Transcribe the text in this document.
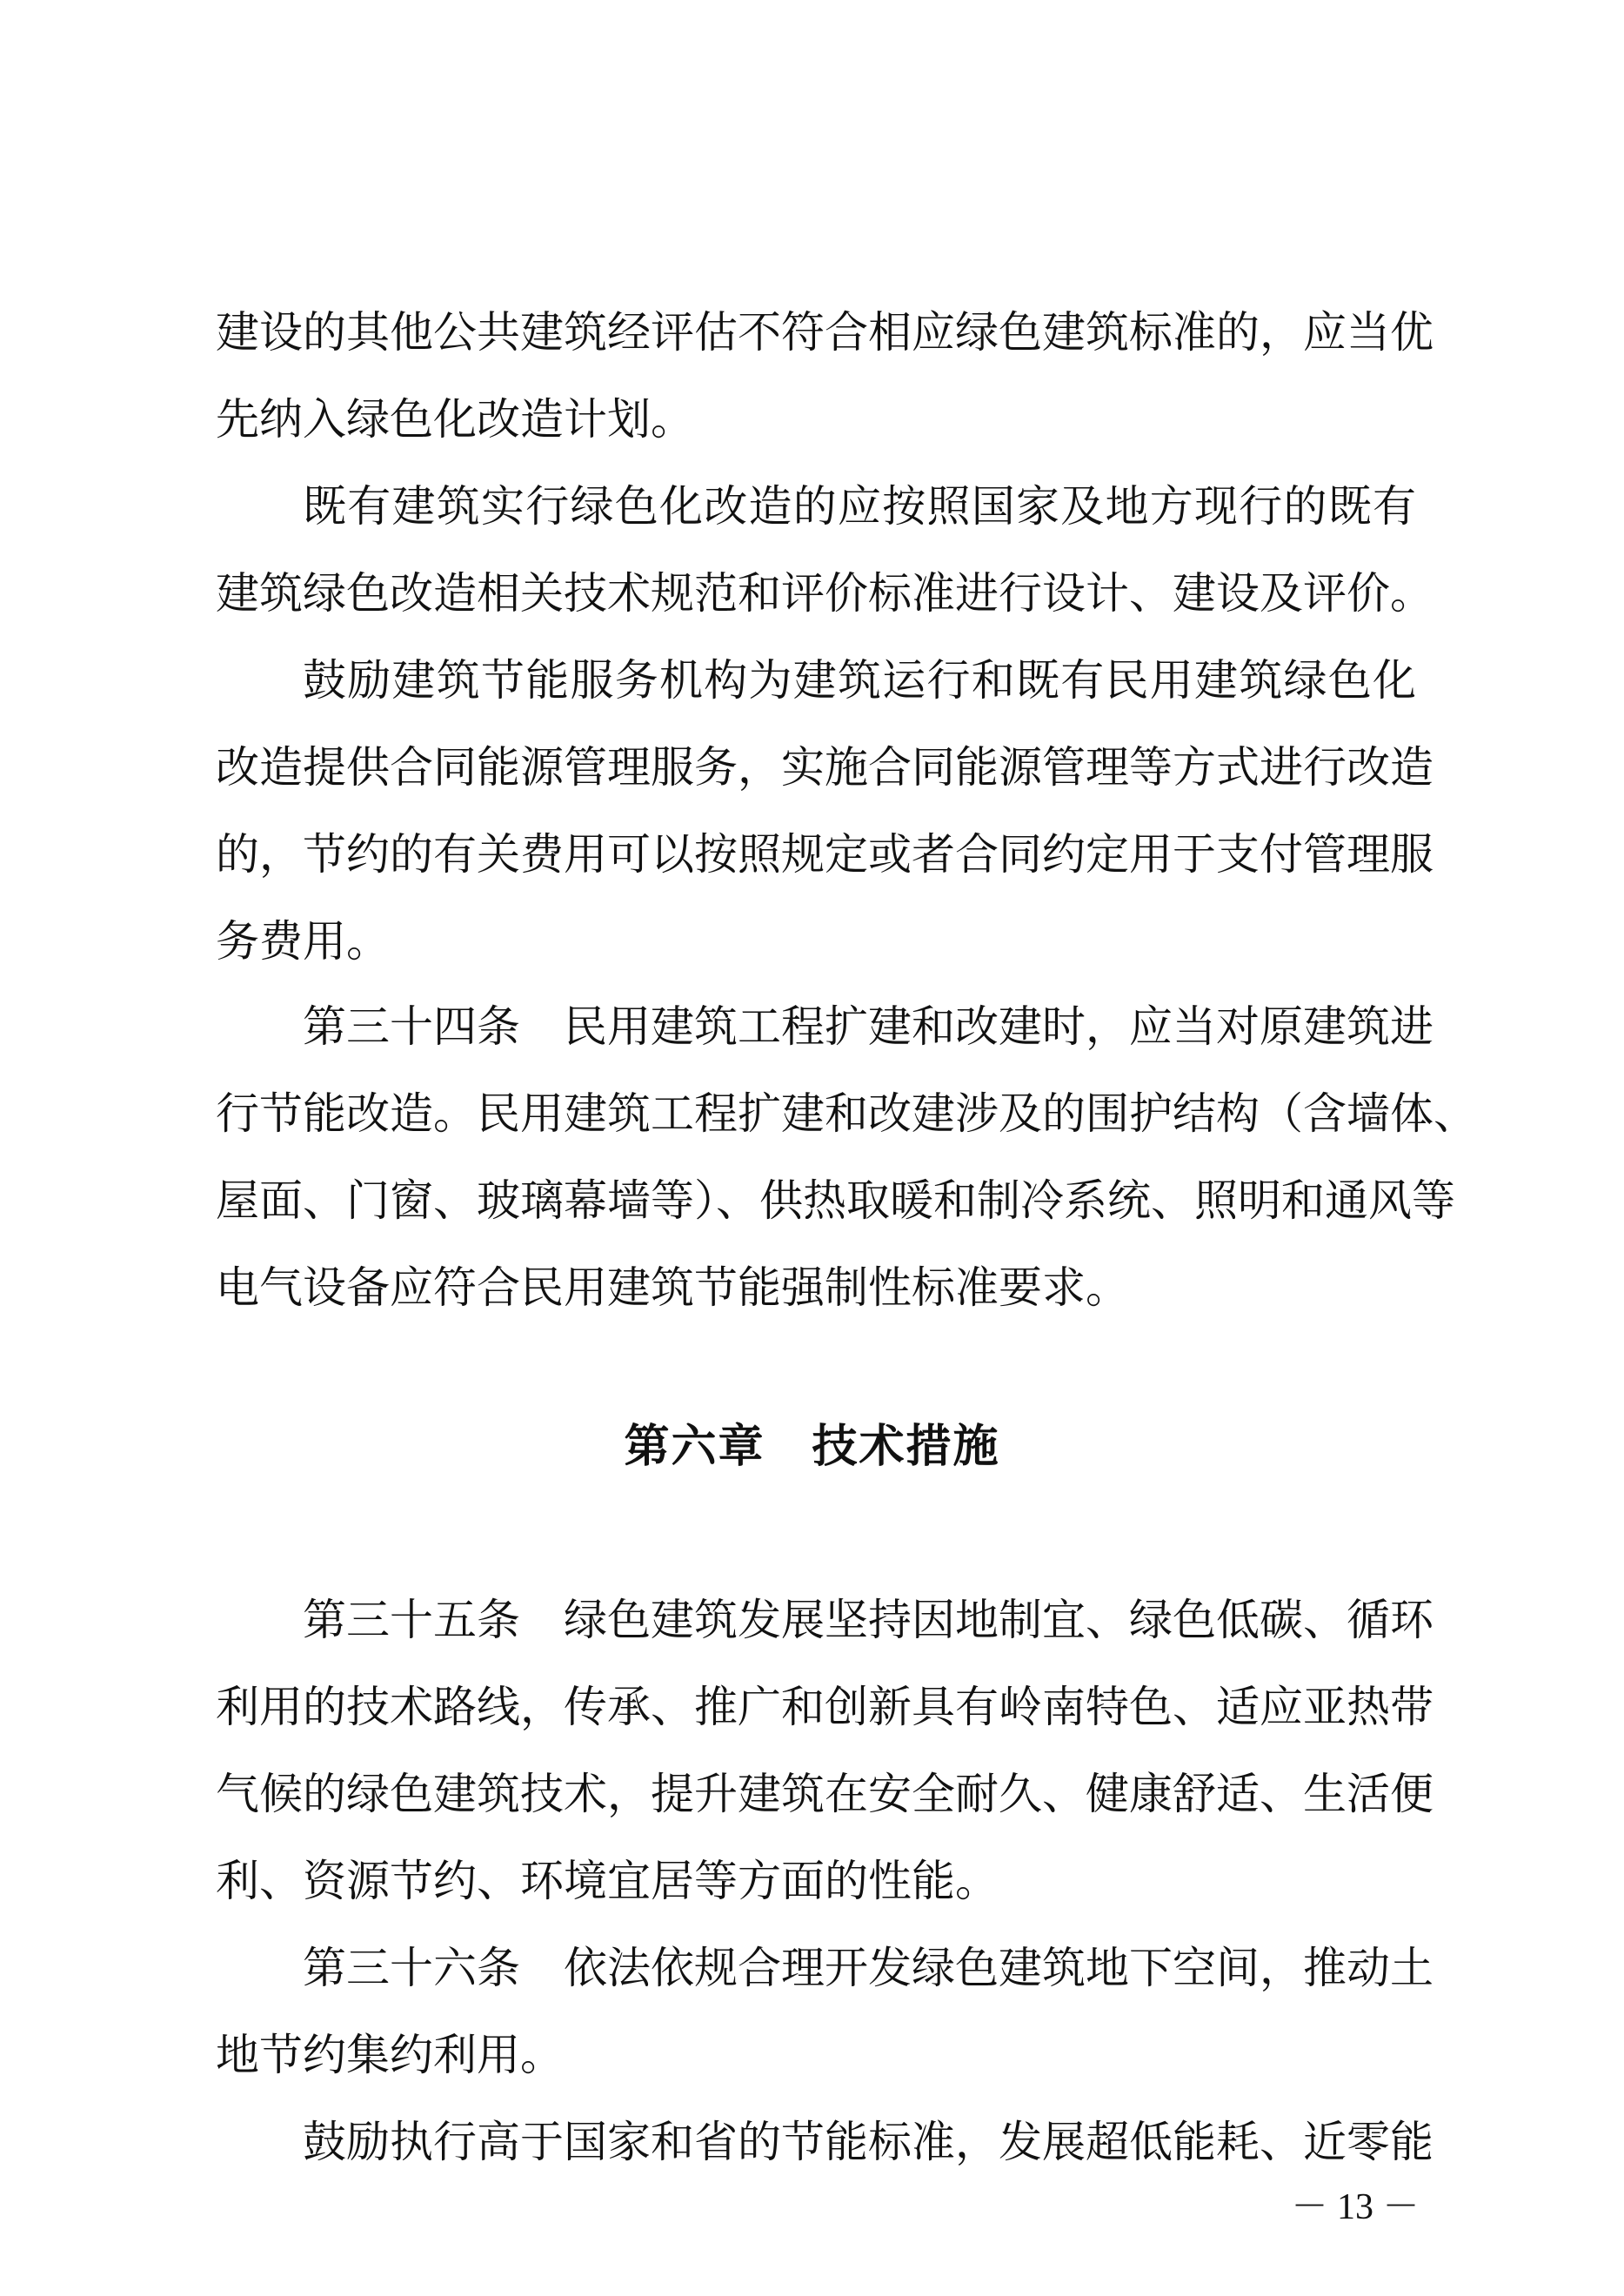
建设的其他公共建筑经评估不符合相应绿色建筑标准的，应当优
先纳入绿色化改造计划。
既有建筑实行绿色化改造的应按照国家及地方现行的既有
建筑绿色改造相关技术规范和评价标准进行设计、建设及评价。
鼓励建筑节能服务机构为建筑运行和既有民用建筑绿色化
改造提供合同能源管理服务，实施合同能源管理等方式进行改造
的，节约的有关费用可以按照规定或者合同约定用于支付管理服
务费用。
第三十四条 民用建筑工程扩建和改建时，应当对原建筑进
行节能改造。民用建筑工程扩建和改建涉及的围护结构（含墙体、
屋面、门窗、玻璃幕墙等）、供热取暖和制冷系统、照明和通风等
电气设备应符合民用建筑节能强制性标准要求。
第六章　技术措施
第三十五条 绿色建筑发展坚持因地制宜、绿色低碳、循环
利用的技术路线，传承、推广和创新具有岭南特色、适应亚热带
气候的绿色建筑技术，提升建筑在安全耐久、健康舒适、生活便
利、资源节约、环境宜居等方面的性能。
第三十六条 依法依规合理开发绿色建筑地下空间，推动土
地节约集约利用。
鼓励执行高于国家和省的节能标准，发展超低能耗、近零能
－ 13 －
